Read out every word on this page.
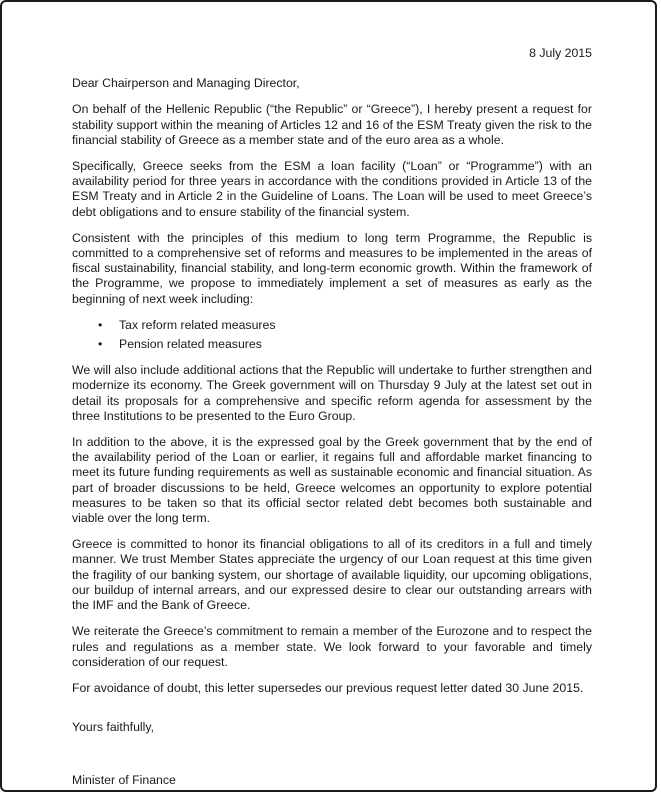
8 July 2015

Dear Chairperson and Managing Director,

On behalf of the Hellenic Republic (“the Republic” or “Greece”), I hereby present a request for stability support within the meaning of Articles 12 and 16 of the ESM Treaty given the risk to the financial stability of Greece as a member state and of the euro area as a whole.

Specifically, Greece seeks from the ESM a loan facility (“Loan” or “Programme”) with an availability period for three years in accordance with the conditions provided in Article 13 of the ESM Treaty and in Article 2 in the Guideline of Loans. The Loan will be used to meet Greece’s debt obligations and to ensure stability of the financial system.

Consistent with the principles of this medium to long term Programme, the Republic is committed to a comprehensive set of reforms and measures to be implemented in the areas of fiscal sustainability, financial stability, and long-term economic growth. Within the framework of the Programme, we propose to immediately implement a set of measures as early as the beginning of next week including:

• Tax reform related measures
• Pension related measures

We will also include additional actions that the Republic will undertake to further strengthen and modernize its economy. The Greek government will on Thursday 9 July at the latest set out in detail its proposals for a comprehensive and specific reform agenda for assessment by the three Institutions to be presented to the Euro Group.

In addition to the above, it is the expressed goal by the Greek government that by the end of the availability period of the Loan or earlier, it regains full and affordable market financing to meet its future funding requirements as well as sustainable economic and financial situation. As part of broader discussions to be held, Greece welcomes an opportunity to explore potential measures to be taken so that its official sector related debt becomes both sustainable and viable over the long term.

Greece is committed to honor its financial obligations to all of its creditors in a full and timely manner. We trust Member States appreciate the urgency of our Loan request at this time given the fragility of our banking system, our shortage of available liquidity, our upcoming obligations, our buildup of internal arrears, and our expressed desire to clear our outstanding arrears with the IMF and the Bank of Greece.

We reiterate the Greece’s commitment to remain a member of the Eurozone and to respect the rules and regulations as a member state. We look forward to your favorable and timely consideration of our request.

For avoidance of doubt, this letter supersedes our previous request letter dated 30 June 2015.

Yours faithfully,

Minister of Finance
